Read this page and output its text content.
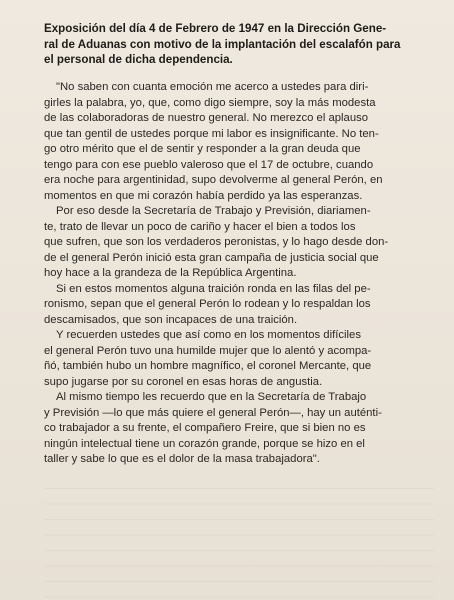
Exposición del día 4 de Febrero de 1947 en la Dirección Gene-
ral de Aduanas con motivo de la implantación del escalafón para
el personal de dicha dependencia.
"No saben con cuanta emoción me acerco a ustedes para diri-
girles la palabra, yo, que, como digo siempre, soy la más modesta
de las colaboradoras de nuestro general. No merezco el aplauso
que tan gentil de ustedes porque mi labor es insignificante. No ten-
go otro mérito que el de sentir y responder a la gran deuda que
tengo para con ese pueblo valeroso que el 17 de octubre, cuando
era noche para argentinidad, supo devolverme al general Perón, en
momentos en que mi corazón había perdido ya las esperanzas.
Por eso desde la Secretaría de Trabajo y Previsión, diariamen-
te, trato de llevar un poco de cariño y hacer el bien a todos los
que sufren, que son los verdaderos peronistas, y lo hago desde don-
de el general Perón inició esta gran campaña de justicia social que
hoy hace a la grandeza de la República Argentina.
Si en estos momentos alguna traición ronda en las filas del pe-
ronismo, sepan que el general Perón lo rodean y lo respaldan los
descamisados, que son incapaces de una traición.
Y recuerden ustedes que así como en los momentos difíciles
el general Perón tuvo una humilde mujer que lo alentó y acompa-
ñó, también hubo un hombre magnífico, el coronel Mercante, que
supo jugarse por su coronel en esas horas de angustia.
Al mismo tiempo les recuerdo que en la Secretaría de Trabajo
y Previsión —lo que más quiere el general Perón—, hay un auténti-
co trabajador a su frente, el compañero Freire, que si bien no es
ningún intelectual tiene un corazón grande, porque se hizo en el
taller y sabe lo que es el dolor de la masa trabajadora".
